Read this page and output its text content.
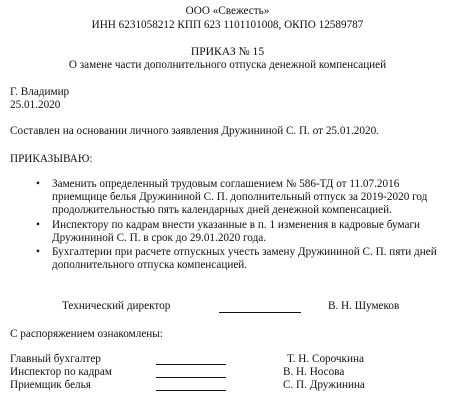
ООО «Свежесть»
ИНН 6231058212 КПП 623 1101101008, ОКПО 12589787
ПРИКАЗ № 15
О замене части дополнительного отпуска денежной компенсацией
Г. Владимир
25.01.2020
Составлен на основании личного заявления Дружининой С. П. от 25.01.2020.
ПРИКАЗЫВАЮ:
• Заменить определенный трудовым соглашением № 586-ТД от 11.07.2016
приемщице белья Дружининой С. П. дополнительный отпуск за 2019-2020 год
продолжительностью пять календарных дней денежной компенсацией.
• Инспектору по кадрам внести указанные в п. 1 изменения в кадровые бумаги
Дружининой С. П. в срок до 29.01.2020 года.
• Бухгалтерии при расчете отпускных учесть замену Дружининой С. П. пяти дней
дополнительного отпуска компенсацией.
Технический директор	В. Н. Шумеков
С распоряжением ознакомлены:
Главный бухгалтер	Т. Н. Сорочкина
Инспектор по кадрам	В. Н. Носова
Приемщик белья	С. П. Дружинина
